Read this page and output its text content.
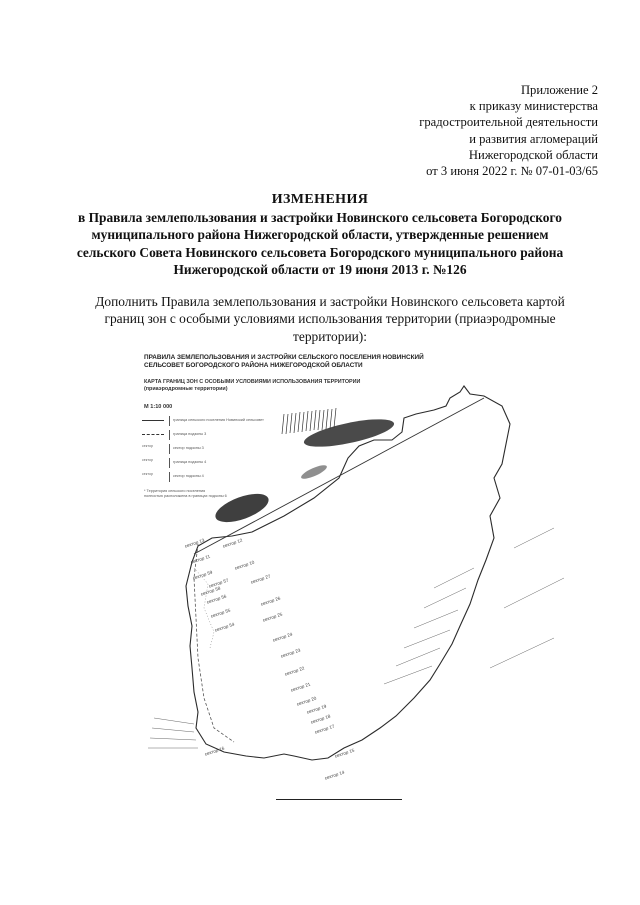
Приложение 2
к приказу министерства
градостроительной деятельности
и развития агломераций
Нижегородской области
от 3 июня 2022 г. № 07-01-03/65
ИЗМЕНЕНИЯ
в Правила землепользования и застройки Новинского сельсовета Богородского
муниципального района Нижегородской области, утвержденные решением
сельского Совета Новинского сельсовета Богородского муниципального района
Нижегородской области от 19 июня 2013 г. №126
Дополнить Правила землепользования и застройки Новинского сельсовета картой
границ зон с особыми условиями использования территории (приаэродромные
территории):
ПРАВИЛА ЗЕМЛЕПОЛЬЗОВАНИЯ И ЗАСТРОЙКИ СЕЛЬСКОГО ПОСЕЛЕНИЯ НОВИНСКИЙ
СЕЛЬСОВЕТ БОГОРОДСКОГО РАЙОНА НИЖЕГОРОДСКОЙ ОБЛАСТИ
КАРТА ГРАНИЦ ЗОН С ОСОБЫМИ УСЛОВИЯМИ ИСПОЛЬЗОВАНИЯ ТЕРРИТОРИИ
(приаэродромные территории)
М 1:10 000
граница сельского поселения Новинский сельсовет
граница подзоны 3
сектор	сектор подзоны 3
сектор	граница подзоны 4
сектор	сектор подзоны 4
* Территория сельского поселения
полностью расположена в границах подзоны 6
сектор 13	сектор 12
сектор 11
сектор 10
сектор 59
сектор 58
сектор 57
сектор 56
сектор 55
сектор 54
сектор 27
сектор 26
сектор 25
сектор 24
сектор 23
сектор 22
сектор 21
сектор 20
сектор 19
сектор 18
сектор 17
сектор 16	сектор 15
сектор 14
